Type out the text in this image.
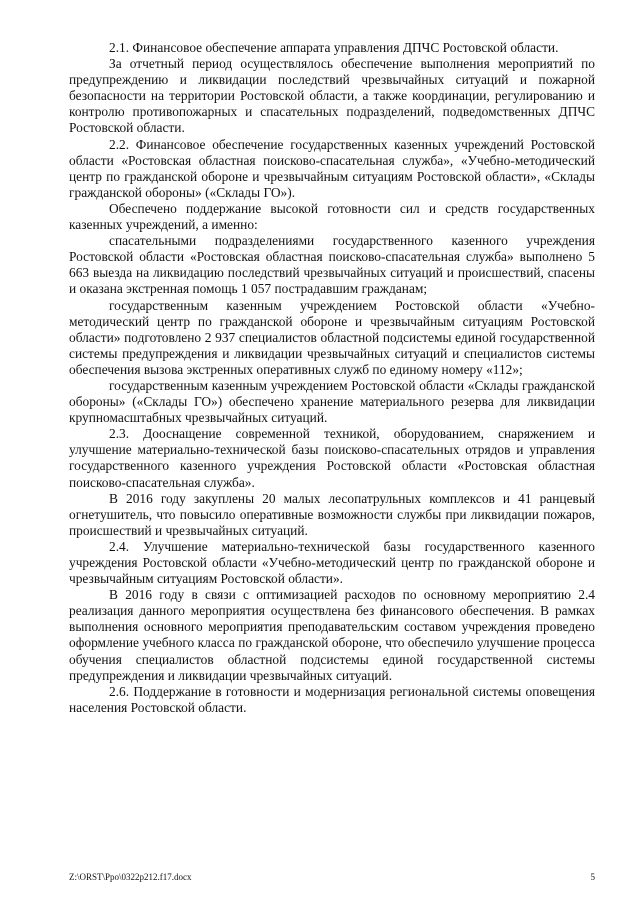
2.1. Финансовое обеспечение аппарата управления ДПЧС Ростовской области.

За отчетный период осуществлялось обеспечение выполнения мероприятий по предупреждению и ликвидации последствий чрезвычайных ситуаций и пожарной безопасности на территории Ростовской области, а также координации, регулированию и контролю противопожарных и спасательных подразделений, подведомственных ДПЧС Ростовской области.

2.2. Финансовое обеспечение государственных казенных учреждений Ростовской области «Ростовская областная поисково-спасательная служба», «Учебно-методический центр по гражданской обороне и чрезвычайным ситуациям Ростовской области», «Склады гражданской обороны» («Склады ГО»).

Обеспечено поддержание высокой готовности сил и средств государственных казенных учреждений, а именно:

спасательными подразделениями государственного казенного учреждения Ростовской области «Ростовская областная поисково-спасательная служба» выполнено 5 663 выезда на ликвидацию последствий чрезвычайных ситуаций и происшествий, спасены и оказана экстренная помощь 1 057 пострадавшим гражданам;

государственным казенным учреждением Ростовской области «Учебно-методический центр по гражданской обороне и чрезвычайным ситуациям Ростовской области» подготовлено 2 937 специалистов областной подсистемы единой государственной системы предупреждения и ликвидации чрезвычайных ситуаций и специалистов системы обеспечения вызова экстренных оперативных служб по единому номеру «112»;

государственным казенным учреждением Ростовской области «Склады гражданской обороны» («Склады ГО») обеспечено хранение материального резерва для ликвидации крупномасштабных чрезвычайных ситуаций.

2.3. Дооснащение современной техникой, оборудованием, снаряжением и улучшение материально-технической базы поисково-спасательных отрядов и управления государственного казенного учреждения Ростовской области «Ростовская областная поисково-спасательная служба».

В 2016 году закуплены 20 малых лесопатрульных комплексов и 41 ранцевый огнетушитель, что повысило оперативные возможности службы при ликвидации пожаров, происшествий и чрезвычайных ситуаций.

2.4. Улучшение материально-технической базы государственного казенного учреждения Ростовской области «Учебно-методический центр по гражданской обороне и чрезвычайным ситуациям Ростовской области».

В 2016 году в связи с оптимизацией расходов по основному мероприятию 2.4 реализация данного мероприятия осуществлена без финансового обеспечения. В рамках выполнения основного мероприятия преподавательским составом учреждения проведено оформление учебного класса по гражданской обороне, что обеспечило улучшение процесса обучения специалистов областной подсистемы единой государственной системы предупреждения и ликвидации чрезвычайных ситуаций.

2.6. Поддержание в готовности и модернизация региональной системы оповещения населения Ростовской области.

Z:\ORST\Ppo\0322p212.f17.docx	5
